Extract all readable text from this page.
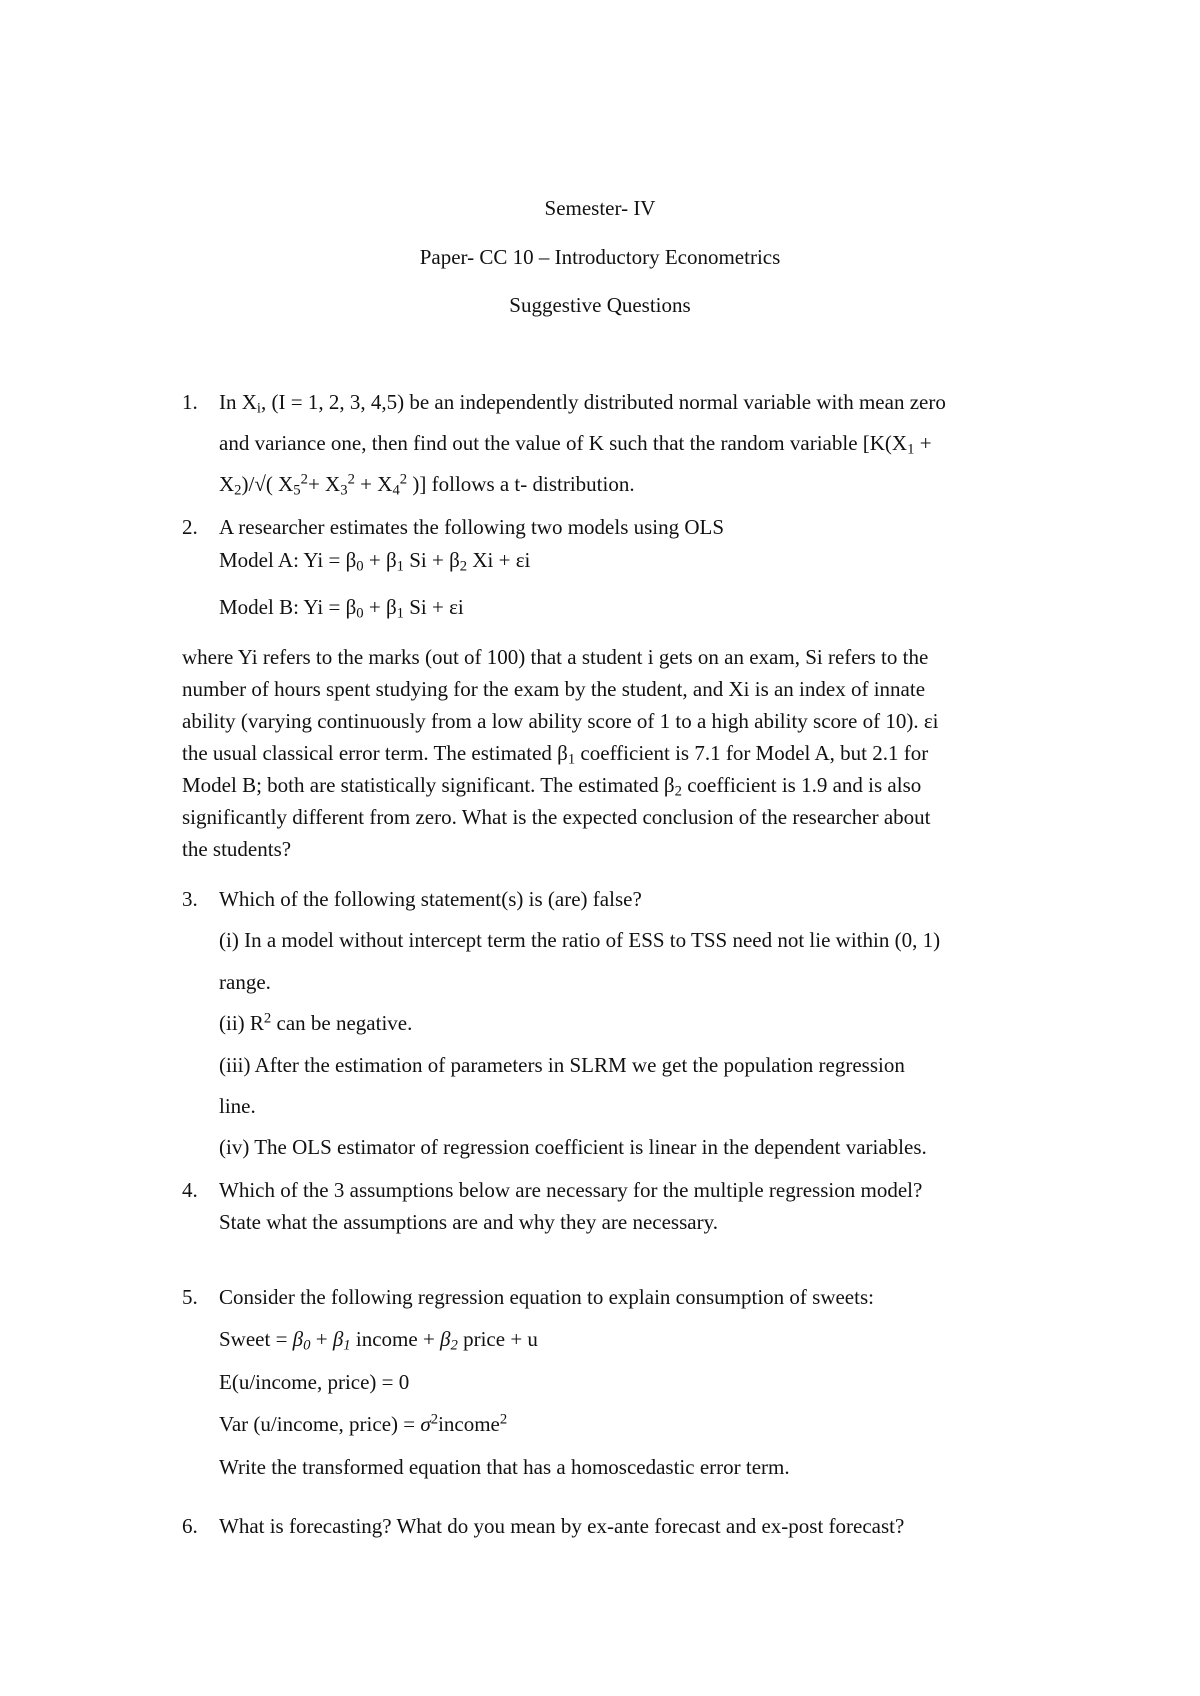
Semester- IV
Paper- CC 10 – Introductory Econometrics
Suggestive Questions
1. In $X_i$, (I = 1, 2, 3, 4,5) be an independently distributed normal variable with mean zero
and variance one, then find out the value of K such that the random variable [$K(X_1$ +
$X_2)/√$( $X_5^2+ X_3^2 + X_4^2$ )] follows a t- distribution.
2. A researcher estimates the following two models using OLS
Model A: $Yi = \beta_0 + \beta_1$ $Si + \beta_2$ Xi + εi
Model B: $Yi = \beta_0 + \beta_1$ Si + εi
where Yi refers to the marks (out of 100) that a student i gets on an exam, Si refers to the
number of hours spent studying for the exam by the student, and Xi is an index of innate
ability (varying continuously from a low ability score of 1 to a high ability score of 10). εi
the usual classical error term. The estimated $\beta_1$ coefficient is 7.1 for Model A, but 2.1 for
Model B; both are statistically significant. The estimated $\beta_2$ coefficient is 1.9 and is also
significantly different from zero. What is the expected conclusion of the researcher about
the students?
3. Which of the following statement(s) is (are) false?
(i) In a model without intercept term the ratio of ESS to TSS need not lie within (0, 1)
range.
(ii) $R^2$ can be negative.
(iii) After the estimation of parameters in SLRM we get the population regression
line.
(iv) The OLS estimator of regression coefficient is linear in the dependent variables.
4. Which of the 3 assumptions below are necessary for the multiple regression model?
State what the assumptions are and why they are necessary.
5. Consider the following regression equation to explain consumption of sweets:
Sweet = $\beta_0 + \beta_1$ income + $\beta_2$ price + u
E(u/income, price) = 0
Var (u/income, price) = $\sigma^2income^2$
Write the transformed equation that has a homoscedastic error term.
6. What is forecasting? What do you mean by ex-ante forecast and ex-post forecast?
